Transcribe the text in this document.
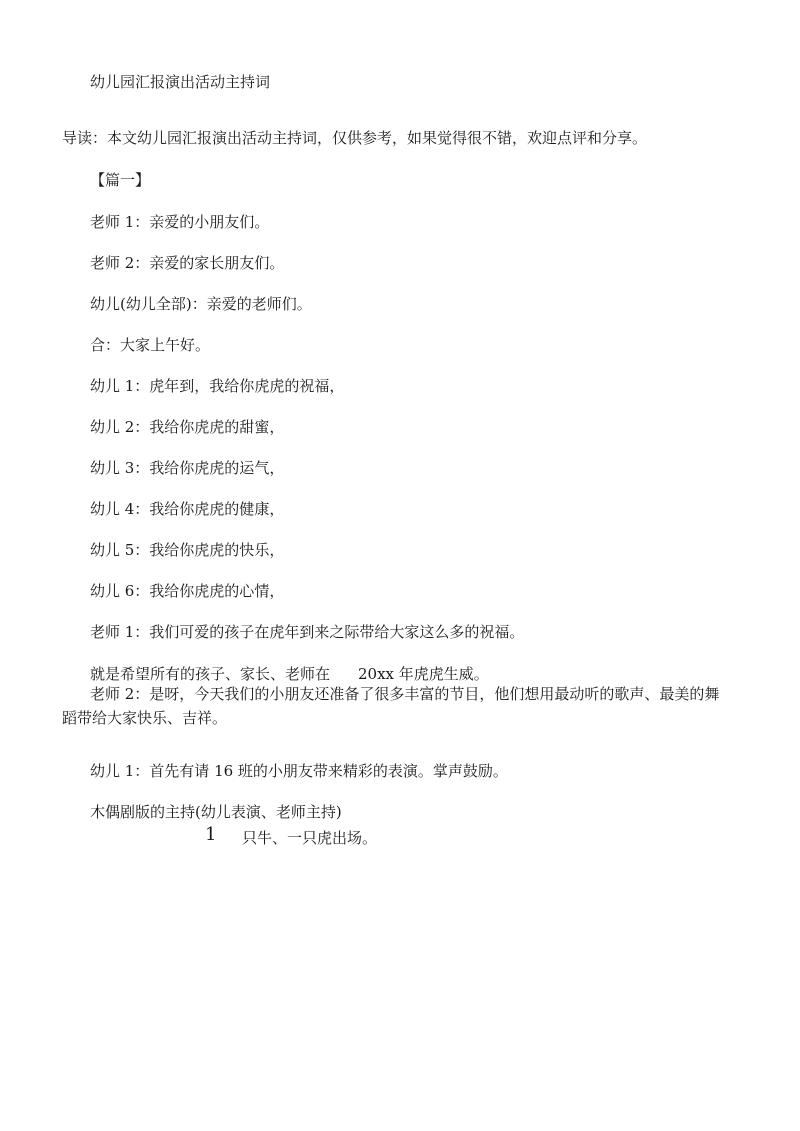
幼儿园汇报演出活动主持词
导读：本文幼儿园汇报演出活动主持词，仅供参考，如果觉得很不错，欢迎点评和分享。
【篇一】
老师 1：亲爱的小朋友们。
老师 2：亲爱的家长朋友们。
幼儿(幼儿全部)：亲爱的老师们。
合：大家上午好。
幼儿 1：虎年到，我给你虎虎的祝福，
幼儿 2：我给你虎虎的甜蜜，
幼儿 3：我给你虎虎的运气，
幼儿 4：我给你虎虎的健康，
幼儿 5：我给你虎虎的快乐，
幼儿 6：我给你虎虎的心情，
老师 1：我们可爱的孩子在虎年到来之际带给大家这么多的祝福。
就是希望所有的孩子、家长、老师在 20xx 年虎虎生威。
老师 2：是呀，今天我们的小朋友还准备了很多丰富的节目，他们想用最动听的歌声、最美的舞蹈带给大家快乐、吉祥。
幼儿 1：首先有请 16 班的小朋友带来精彩的表演。掌声鼓励。
木偶剧版的主持(幼儿表演、老师主持)
1 只牛、一只虎出场。
